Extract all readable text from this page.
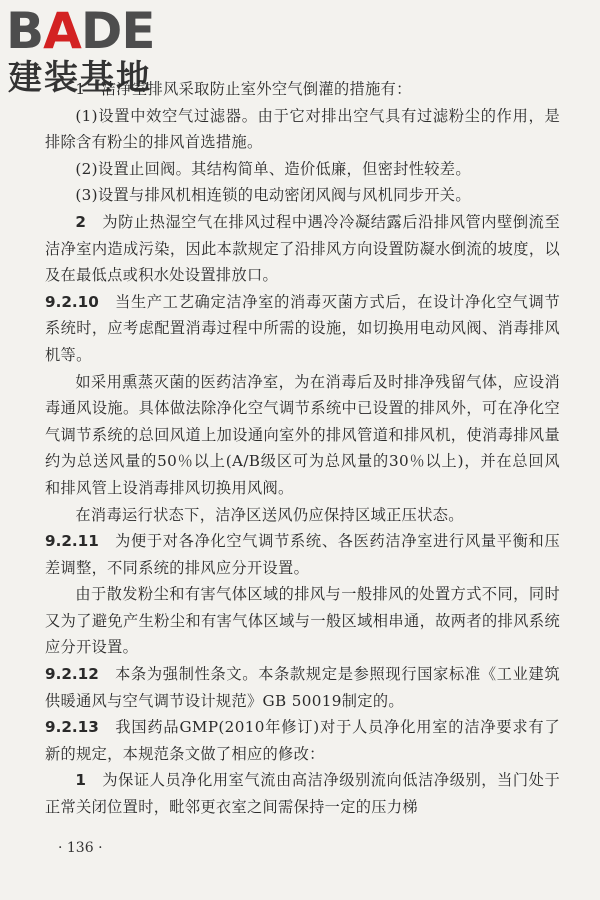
BADE
建装基地

1　洁净室排风采取防止室外空气倒灌的措施有：

(1)设置中效空气过滤器。由于它对排出空气具有过滤粉尘的作用，是排除含有粉尘的排风首选措施。

(2)设置止回阀。其结构简单、造价低廉，但密封性较差。

(3)设置与排风机相连锁的电动密闭风阀与风机同步开关。

2　 为防止热湿空气在排风过程中遇冷冷凝结露后沿排风管内壁倒流至洁净室内造成污染，因此本款规定了沿排风方向设置防凝水倒流的坡度，以及在最低点或积水处设置排放口。

9.2.10　 当生产工艺确定洁净室的消毒灭菌方式后，在设计净化空气调节系统时，应考虑配置消毒过程中所需的设施，如切换用电动风阀、消毒排风机等。

如采用熏蒸灭菌的医药洁净室，为在消毒后及时排净残留气体，应设消毒通风设施。具体做法除净化空气调节系统中已设置的排风外，可在净化空气调节系统的总回风道上加设通向室外的排风管道和排风机，使消毒排风量约为总送风量的50％以上(A/B级区可为总风量的30％以上)，并在总回风和排风管上设消毒排风切换用风阀。

在消毒运行状态下，洁净区送风仍应保持区域正压状态。

9.2.11　 为便于对各净化空气调节系统、各医药洁净室进行风量平衡和压差调整，不同系统的排风应分开设置。

由于散发粉尘和有害气体区域的排风与一般排风的处置方式不同，同时又为了避免产生粉尘和有害气体区域与一般区域相串通，故两者的排风系统应分开设置。

9.2.12　 本条为强制性条文。本条款规定是参照现行国家标准《工业建筑供暖通风与空气调节设计规范》GB 50019制定的。

9.2.13　 我国药品GMP(2010年修订)对于人员净化用室的洁净要求有了新的规定，本规范条文做了相应的修改：

1　 为保证人员净化用室气流由高洁净级别流向低洁净级别，当门处于正常关闭位置时，毗邻更衣室之间需保持一定的压力梯

· 136 ·
